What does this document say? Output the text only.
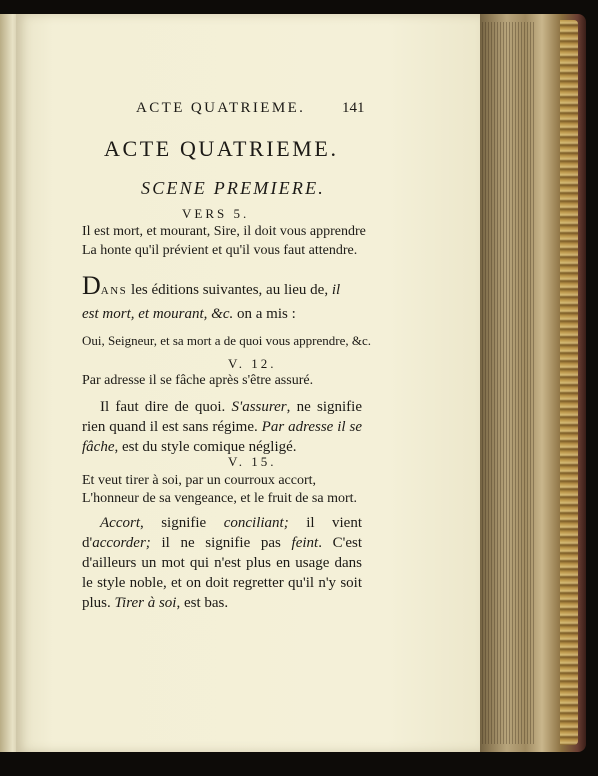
ACTE QUATRIEME. 141
ACTE QUATRIEME.
SCENE PREMIERE.
VERS 5.
Il est mort, et mourant, Sire, il doit vous apprendre
La honte qu'il prévient et qu'il vous faut attendre.
DANS les éditions suivantes, au lieu de, il
est mort, et mourant, &c. on a mis :
Oui, Seigneur, et sa mort a de quoi vous apprendre, &c.
V. 12.
Par adresse il se fâche après s'être assuré.
Il faut dire de quoi. S'assurer, ne signifie rien quand il est sans régime. Par adresse il se fâche, est du style comique négligé.
V. 15.
Et veut tirer à soi, par un courroux accort,
L'honneur de sa vengeance, et le fruit de sa mort.
Accort, signifie conciliant; il vient d'accorder; il ne signifie pas feint. C'est d'ailleurs un mot qui n'est plus en usage dans le style noble, et on doit regretter qu'il n'y soit plus. Tirer à soi, est bas.
